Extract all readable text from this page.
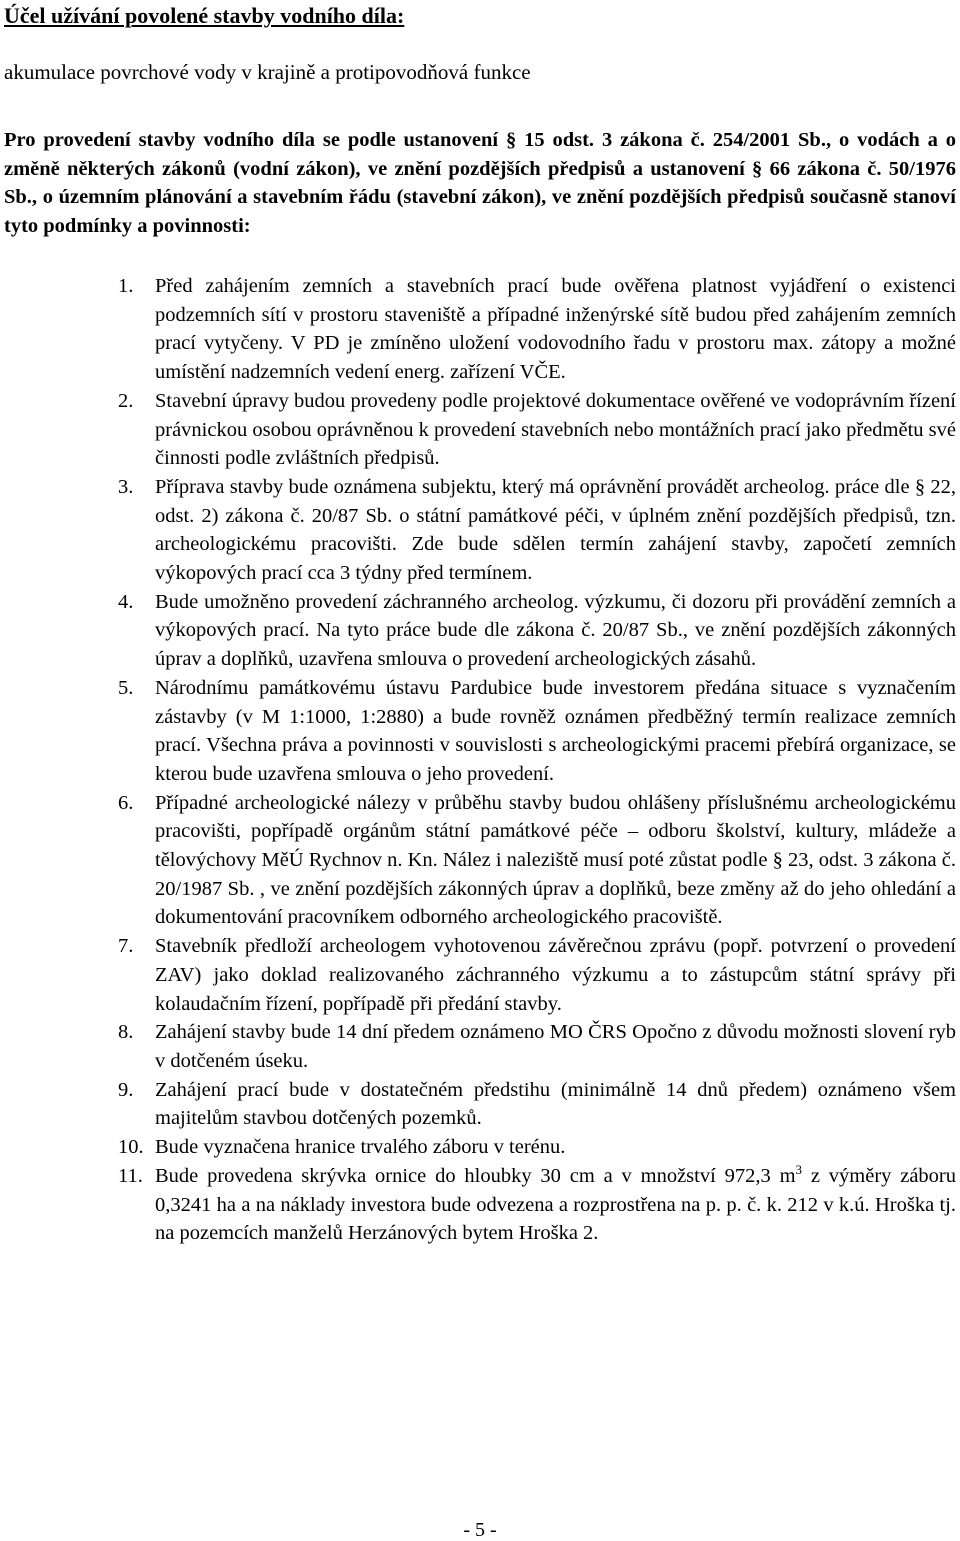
Účel užívání povolené stavby vodního díla:
akumulace povrchové vody v krajině a protipovodňová funkce
Pro provedení stavby vodního díla se podle ustanovení § 15 odst. 3 zákona č. 254/2001 Sb., o vodách a o změně některých zákonů (vodní zákon), ve znění pozdějších předpisů a ustanovení § 66 zákona č. 50/1976 Sb., o územním plánování a stavebním řádu (stavební zákon), ve znění pozdějších předpisů současně stanoví tyto podmínky a povinnosti:
1. Před zahájením zemních a stavebních prací bude ověřena platnost vyjádření o existenci podzemních sítí v prostoru staveniště a případné inženýrské sítě budou před zahájením zemních prací vytyčeny. V PD je zmíněno uložení vodovodního řadu v prostoru max. zátopy a možné umístění nadzemních vedení energ. zařízení VČE.
2. Stavební úpravy budou provedeny podle projektové dokumentace ověřené ve vodoprávním řízení právnickou osobou oprávněnou k provedení stavebních nebo montážních prací jako předmětu své činnosti podle zvláštních předpisů.
3. Příprava stavby bude oznámena subjektu, který má oprávnění provádět archeolog. práce dle § 22, odst. 2) zákona č. 20/87 Sb. o státní památkové péči, v úplném znění pozdějších předpisů, tzn. archeologickému pracovišti. Zde bude sdělen termín zahájení stavby, započetí zemních výkopových prací cca 3 týdny před termínem.
4. Bude umožněno provedení záchranného archeolog. výzkumu, či dozoru při provádění zemních a výkopových prací. Na tyto práce bude dle zákona č. 20/87 Sb., ve znění pozdějších zákonných úprav a doplňků, uzavřena smlouva o provedení archeologických zásahů.
5. Národnímu památkovému ústavu Pardubice bude investorem předána situace s vyznačením zástavby (v M 1:1000, 1:2880) a bude rovněž oznámen předběžný termín realizace zemních prací. Všechna práva a povinnosti v souvislosti s archeologickými pracemi přebírá organizace, se kterou bude uzavřena smlouva o jeho provedení.
6. Případné archeologické nálezy v průběhu stavby budou ohlášeny příslušnému archeologickému pracovišti, popřípadě orgánům státní památkové péče – odboru školství, kultury, mládeže a tělovýchovy MěÚ Rychnov n. Kn. Nález i naleziště musí poté zůstat podle § 23, odst. 3 zákona č. 20/1987 Sb. , ve znění pozdějších zákonných úprav a doplňků, beze změny až do jeho ohledání a dokumentování pracovníkem odborného archeologického pracoviště.
7. Stavebník předloží archeologem vyhotovenou závěrečnou zprávu (popř. potvrzení o provedení ZAV) jako doklad realizovaného záchranného výzkumu a to zástupcům státní správy při kolaudačním řízení, popřípadě při předání stavby.
8. Zahájení stavby bude 14 dní předem oznámeno MO ČRS Opočno z důvodu možnosti slovení ryb v dotčeném úseku.
9. Zahájení prací bude v dostatečném předstihu (minimálně 14 dnů předem) oznámeno všem majitelům stavbou dotčených pozemků.
10. Bude vyznačena hranice trvalého záboru v terénu.
11. Bude provedena skrývka ornice do hloubky 30 cm a v množství 972,3 $m^3$ z výměry záboru 0,3241 ha a na náklady investora bude odvezena a rozprostřena na p. p. č. k. 212 v k.ú. Hroška tj. na pozemcích manželů Herzánových bytem Hroška 2.
- 5 -
